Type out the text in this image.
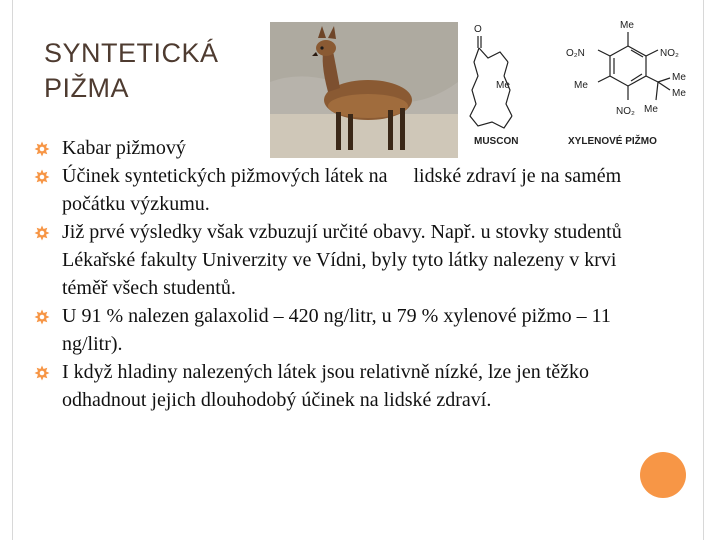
SYNTETICKÁ
PIŽMA
O
Me
Me
O₂N	NO₂
Me
Me
Me
NO₂ Me
MUSCON	XYLENOVÉ PIŽMO
Kabar pižmový
Účinek syntetických pižmových látek na lidské zdraví je na samém počátku výzkumu.
Již prvé výsledky však vzbuzují určité obavy. Např. u stovky studentů Lékařské fakulty Univerzity ve Vídni, byly tyto látky nalezeny v krvi téměř všech studentů.
U 91 % nalezen galaxolid – 420 ng/litr, u 79 % xylenové pižmo – 11 ng/litr).
I když hladiny nalezených látek jsou relativně nízké, lze jen těžko odhadnout jejich dlouhodobý účinek na lidské zdraví.
